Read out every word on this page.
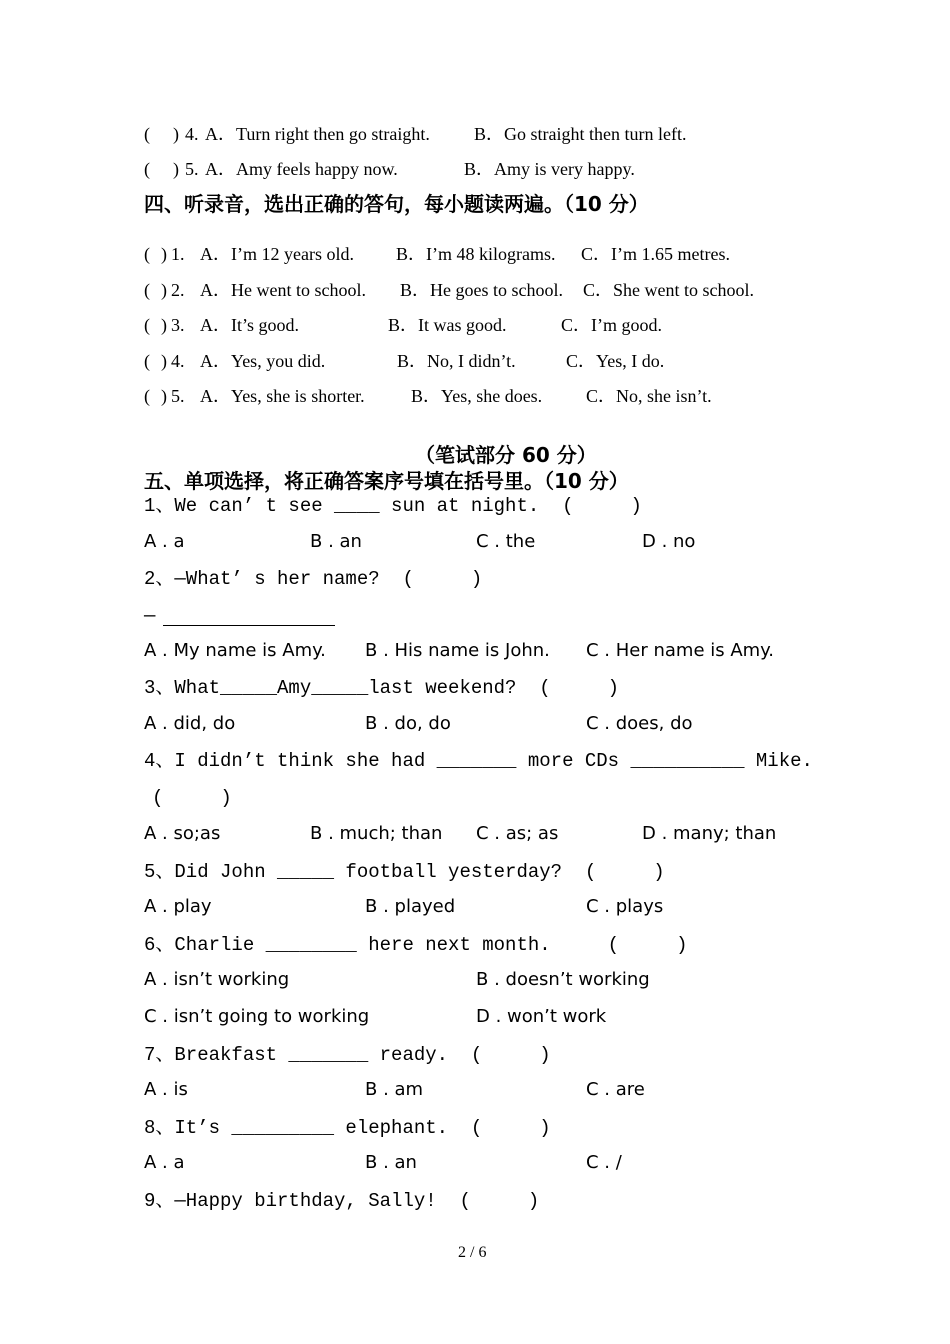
( ) 4. A．Turn right then go straight. B．Go straight then turn left.
( ) 5. A．Amy feels happy now.	B．Amy is very happy.
四、听录音，选出正确的答句，每小题读两遍。（10 分）
( ) 1. A．I’m 12 years old. B．I’m 48 kilograms. C．I’m 1.65 metres.
( ) 2. A．He went to school. B．He goes to school. C．She went to school.
( ) 3. A．It’s good.	B．It was good.	C．I’m good.
( ) 4. A．Yes, you did.	B．No, I didn’t.	C．Yes, I do.
( ) 5. A．Yes, she is shorter.	B．Yes, she does. C．No, she isn’t.
（笔试部分 60 分）
五、单项选择，将正确答案序号填在括号里。（10 分）
1、We can’ t see ____ sun at night.  (     )
A . a	B . an	C . the	D . no
2、—What’ s her name?  (     )
—
A . My name is Amy. B . His name is John. C . Her name is Amy.
3、What_____Amy_____last weekend?  (     )
A . did, do	B . do, do	C . does, do
4、I didn’t think she had _______ more CDs __________ Mike.
(     )
A . so;as	B . much; than C . as; as	D . many; than
5、Did John _____ football yesterday?  (     )
A . play	B . played	C . plays
6、Charlie ________ here next month.     (     )
A . isn’t working	B . doesn’t working
C . isn’t going to working	D . won’t work
7、Breakfast _______ ready.  (     )
A . is	B . am	C . are
8、It’s _________ elephant.  (     )
A . a	B . an	C . /
9、—Happy birthday, Sally!  (     )
2 / 6
